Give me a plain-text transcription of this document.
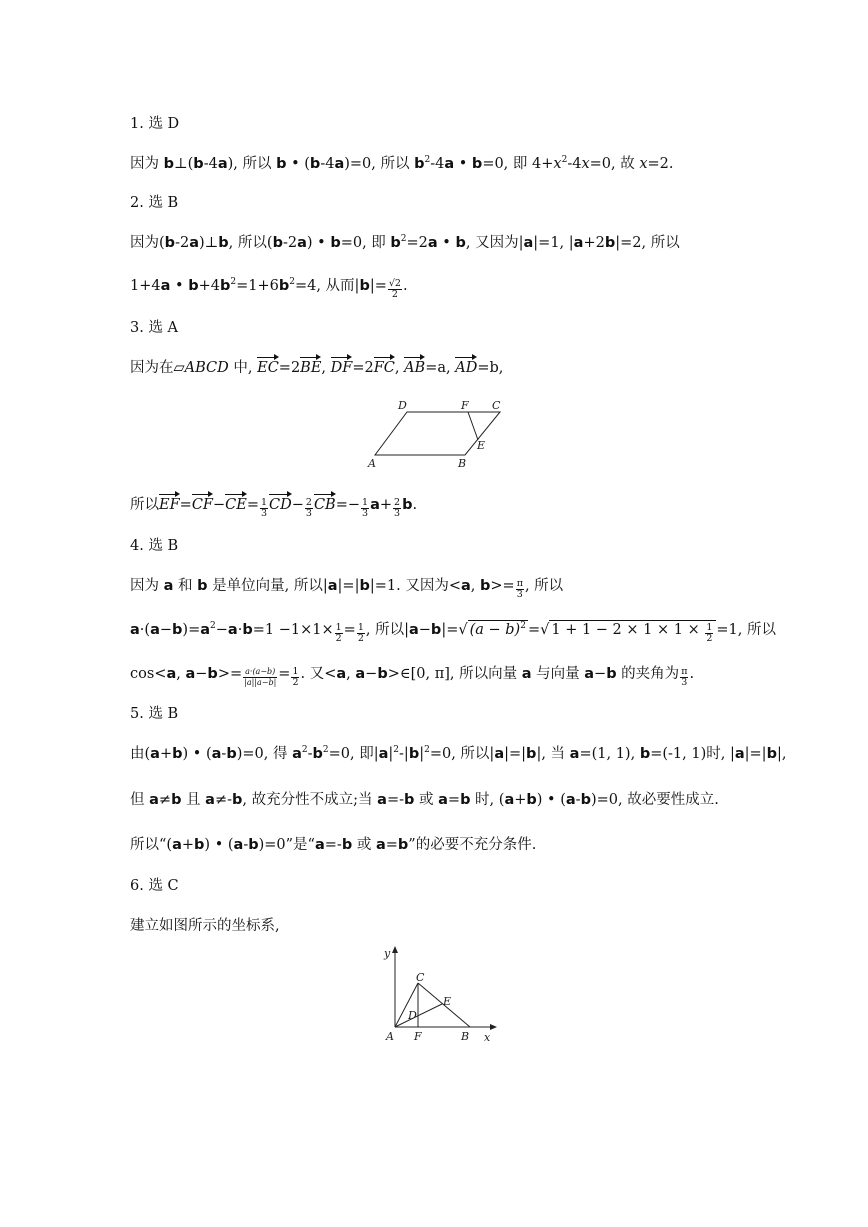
1. 选 D
因为 b⊥(b-4a), 所以 b • (b-4a)=0, 所以 $b^2-4a$ • b=0, 即 $4+x^2-4x=0$, 故 x=2.
2. 选 B
因为(b-2a)⊥b, 所以(b-2a) • b=0, 即 $b^2=2a$ • b, 又因为|a|=1, |a+2b|=2, 所以
1+4a • $b+4b^2=1+6b^2=4$, 从而$|b|= \frac{√2}{2}$ .
3. 选 A
因为在▱ABCD 中, EC=2BE, DF=2FC, AB=a, AD=b,
D	F C
E
A	B
所以$EF=CF-CE= \frac{1}{3} CD- \frac{2}{3} CB=- \frac{1}{3} a+ \frac{2}{3} b$.
4. 选 B
因为 a 和 b 是单位向量, 所以|a|=|b|=1. 又因为<a, $b>= \frac{\pi}{3}$ , 所以
$a\cdot(a-b)=a^2-a\cdot b=1 -1\times 1\times \frac{1}{2} = \frac{1}{2}$ , 所以|a−b|=√ $(a - b)^2$ =√ $1 + 1 - 2 \times 1 \times 1 \times \frac{1}{2} =1$, 所以
cos<a, $a-b>= \frac{a\cdot(a-b)}{|a||a-b|} = \frac{1}{2}$ . 又<a, a−b>∈[0, π], 所以向量 a 与向量 a−b 的夹角为 $\frac{\pi}{3}$ .
5. 选 B
由(a+b) • (a-b)=0, 得 $a^2-b^2=0$, 即$|a|^2-|b|^2=0$, 所以|a|=|b|, 当 a=(1, 1), b=(-1, 1)时, |a|=|b|,
但 a≠b 且 a≠-b, 故充分性不成立;当 a=-b 或 a=b 时, (a+b) • (a-b)=0, 故必要性成立.
所以“(a+b) • (a-b)=0”是“a=-b 或 a=b”的必要不充分条件.
6. 选 C
建立如图所示的坐标系,
y
x
C
E
D
A F	B
